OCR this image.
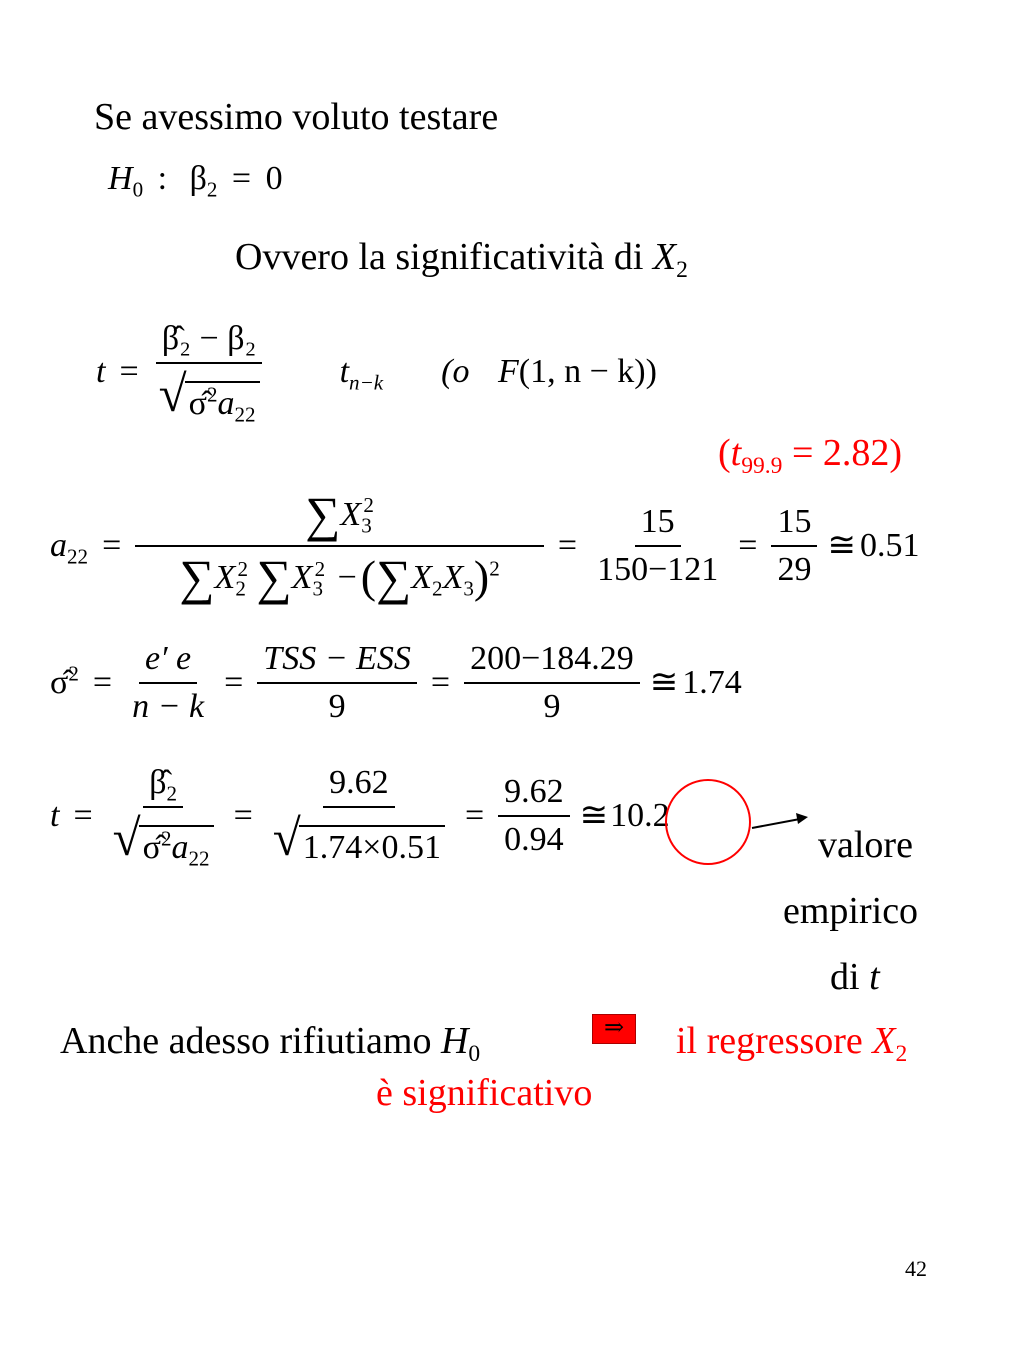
Se avessimo voluto testare
$H_0$ : $\beta_2 = 0$
Ovvero la significatività di $X_2$
$t = \frac{\text{β̂₂ − β₂}}{√ \sigmâ^2a_{22}} t_{n-k}$ (o F(1, n − k))
$(t_{99.9} = 2.82)$
$a_{22} = \frac{\sum X_3^2}{\sum X_2^2 \sum X_3^2 -(\sum X_2X_3)^2} = \frac{15}{150-121} = \frac{15}{29}$ ≅ 0.51
σ̂$^2$ = $\frac{e' e}{n - k} = \frac{\text{TSS − ESS}}{9} = \frac{200-184.29}{9}$ ≅ 1.74
$t = \frac{\betâ_2}{√ \sigmâ^2a_{22}} = \frac{9.62}{√ 1.74\times 0.51} = \frac{9.62}{0.94}$ ≅ 10.2
valore
empirico
di t
Anche adesso rifiutiamo $H_0$
⇒	il regressore $X_2$
è significativo
42
